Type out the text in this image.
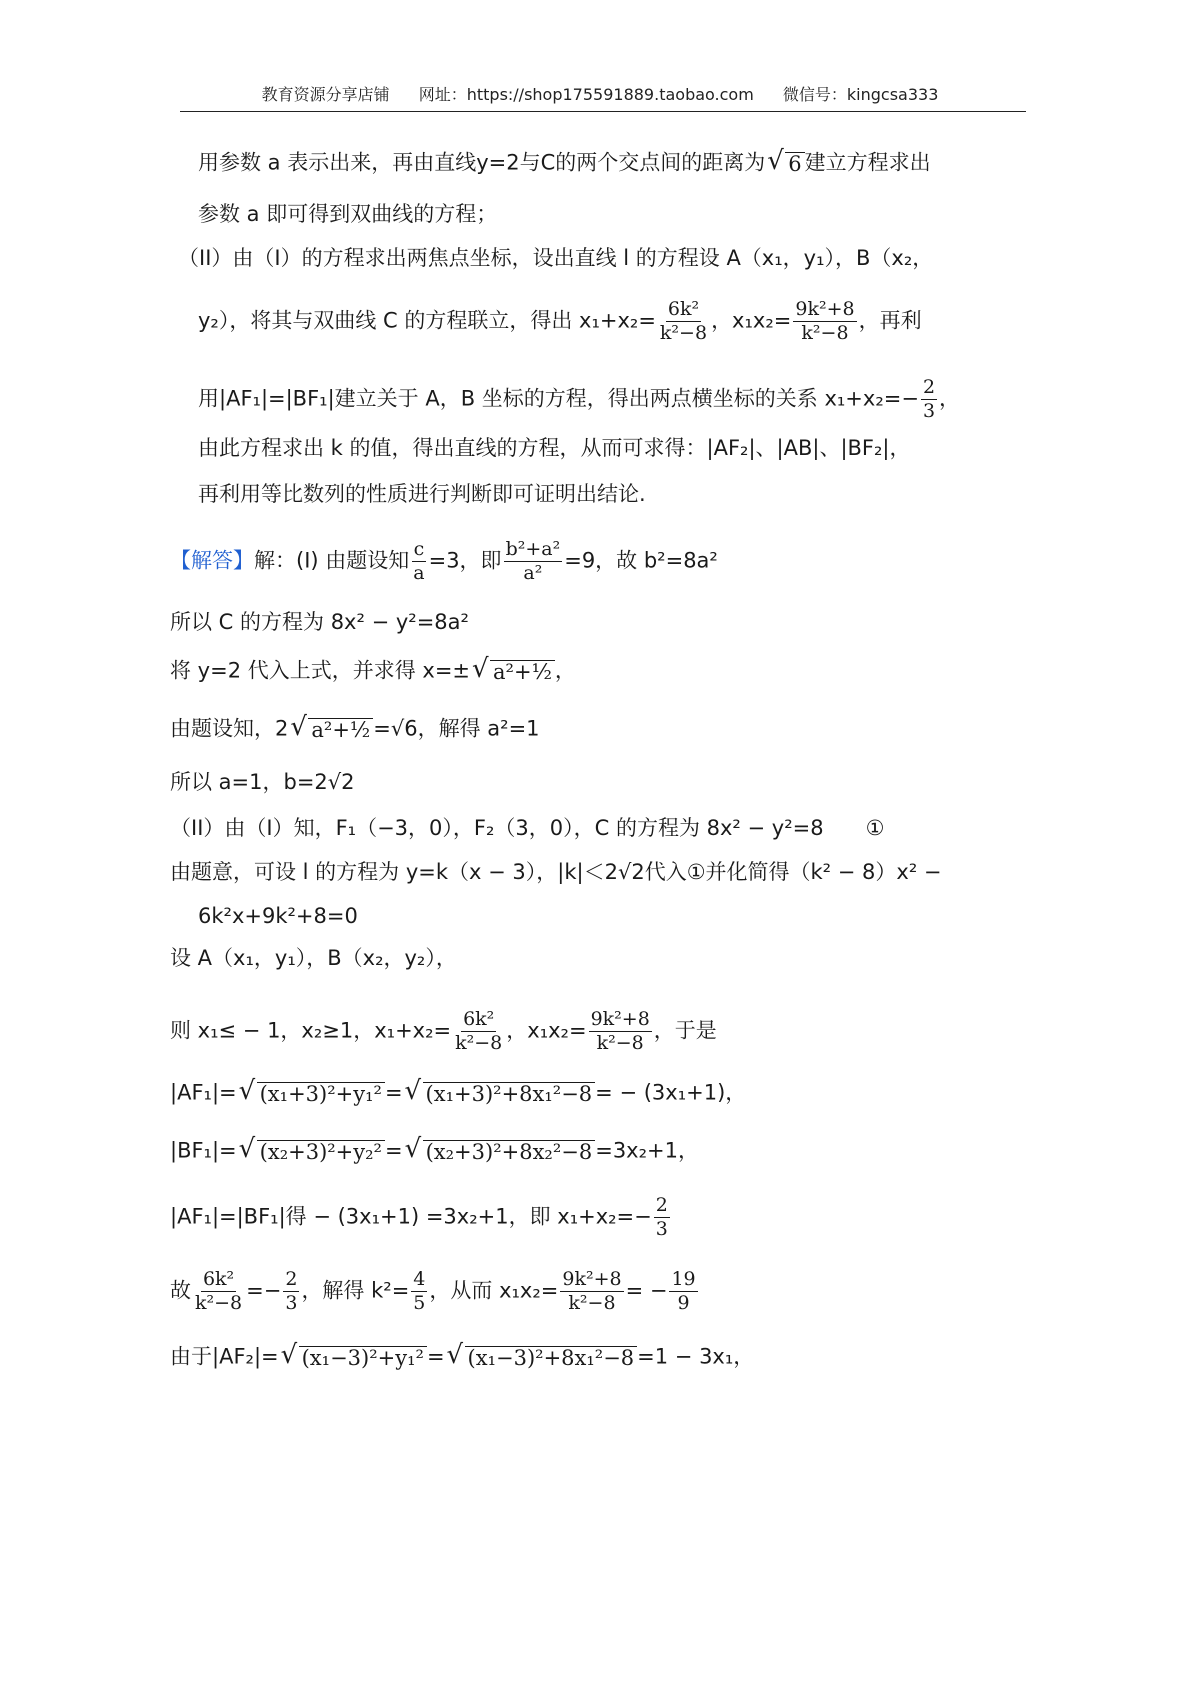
教育资源分享店铺 网址：https://shop175591889.taobao.com 微信号：kingcsa333
用参数 a 表示出来，再由直线y=2与C的两个交点间的距离为 √ 6 建立方程求出
参数 a 即可得到双曲线的方程；
（II）由（I）的方程求出两焦点坐标，设出直线 l 的方程设 A（x₁，y₁），B（x₂，
y₂），将其与双曲线 C 的方程联立，得出 $x_1+x_2= \frac{\text{6k²}}{\text{k²−8}}$ ，$x_1x_2= \frac{\text{9k²+8}}{\text{k²−8}}$ ，再利
用|AF₁|=|BF₁|建立关于 A，B 坐标的方程，得出两点横坐标的关系 $x_1+x_2=- \frac{2}{3}$ ，
由此方程求出 k 的值，得出直线的方程，从而可求得：|AF₂|、|AB|、|BF₂|，
再利用等比数列的性质进行判断即可证明出结论.
【解答】解：(I) 由题设知 $\frac{c}{a} =3$，即 $\frac{\text{b²+a²}}{\text{a²}} =9$，故 b²=8a²
所以 C 的方程为 8x² − y²=8a²
将 y=2 代入上式，并求得 x=± √ a²+½ ，
由题设知，2 √ a²+½ =√6，解得 a²=1
所以 a=1，b=2√2
（II）由（I）知，F₁（−3，0），F₂（3，0），C 的方程为 8x² − y²=8　　①
由题意，可设 l 的方程为 y=k（x − 3），|k|＜2√2代入①并化简得（k² − 8）x² −
6k²x+9k²+8=0
设 A（x₁，y₁），B（x₂，y₂），
则 x₁≤ − 1，x₂≥1，$x_1+x_2= \frac{\text{6k²}}{\text{k²−8}}$ ，$x_1x_2= \frac{\text{9k²+8}}{\text{k²−8}}$ ，于是
|AF₁|= √ (x₁+3)²+y₁² = √ (x₁+3)²+8x₁²−8 = − (3x₁+1)，
|BF₁|= √ (x₂+3)²+y₂² = √ (x₂+3)²+8x₂²−8 =3x₂+1，
|AF₁|=|BF₁|得 − (3x₁+1) =3x₂+1，即 $x_1+x_2=- \frac{2}{3}$
故 $\frac{\text{6k²}}{\text{k²−8}} =- \frac{2}{3}$ ，解得 $k^2= \frac{4}{5}$ ，从而 $x_1x_2= \frac{\text{9k²+8}}{\text{k²−8}}$ = − $\frac{19}{9}$
由于|AF₂|= √ (x₁−3)²+y₁² = √ (x₁−3)²+8x₁²−8 =1 − 3x₁，
